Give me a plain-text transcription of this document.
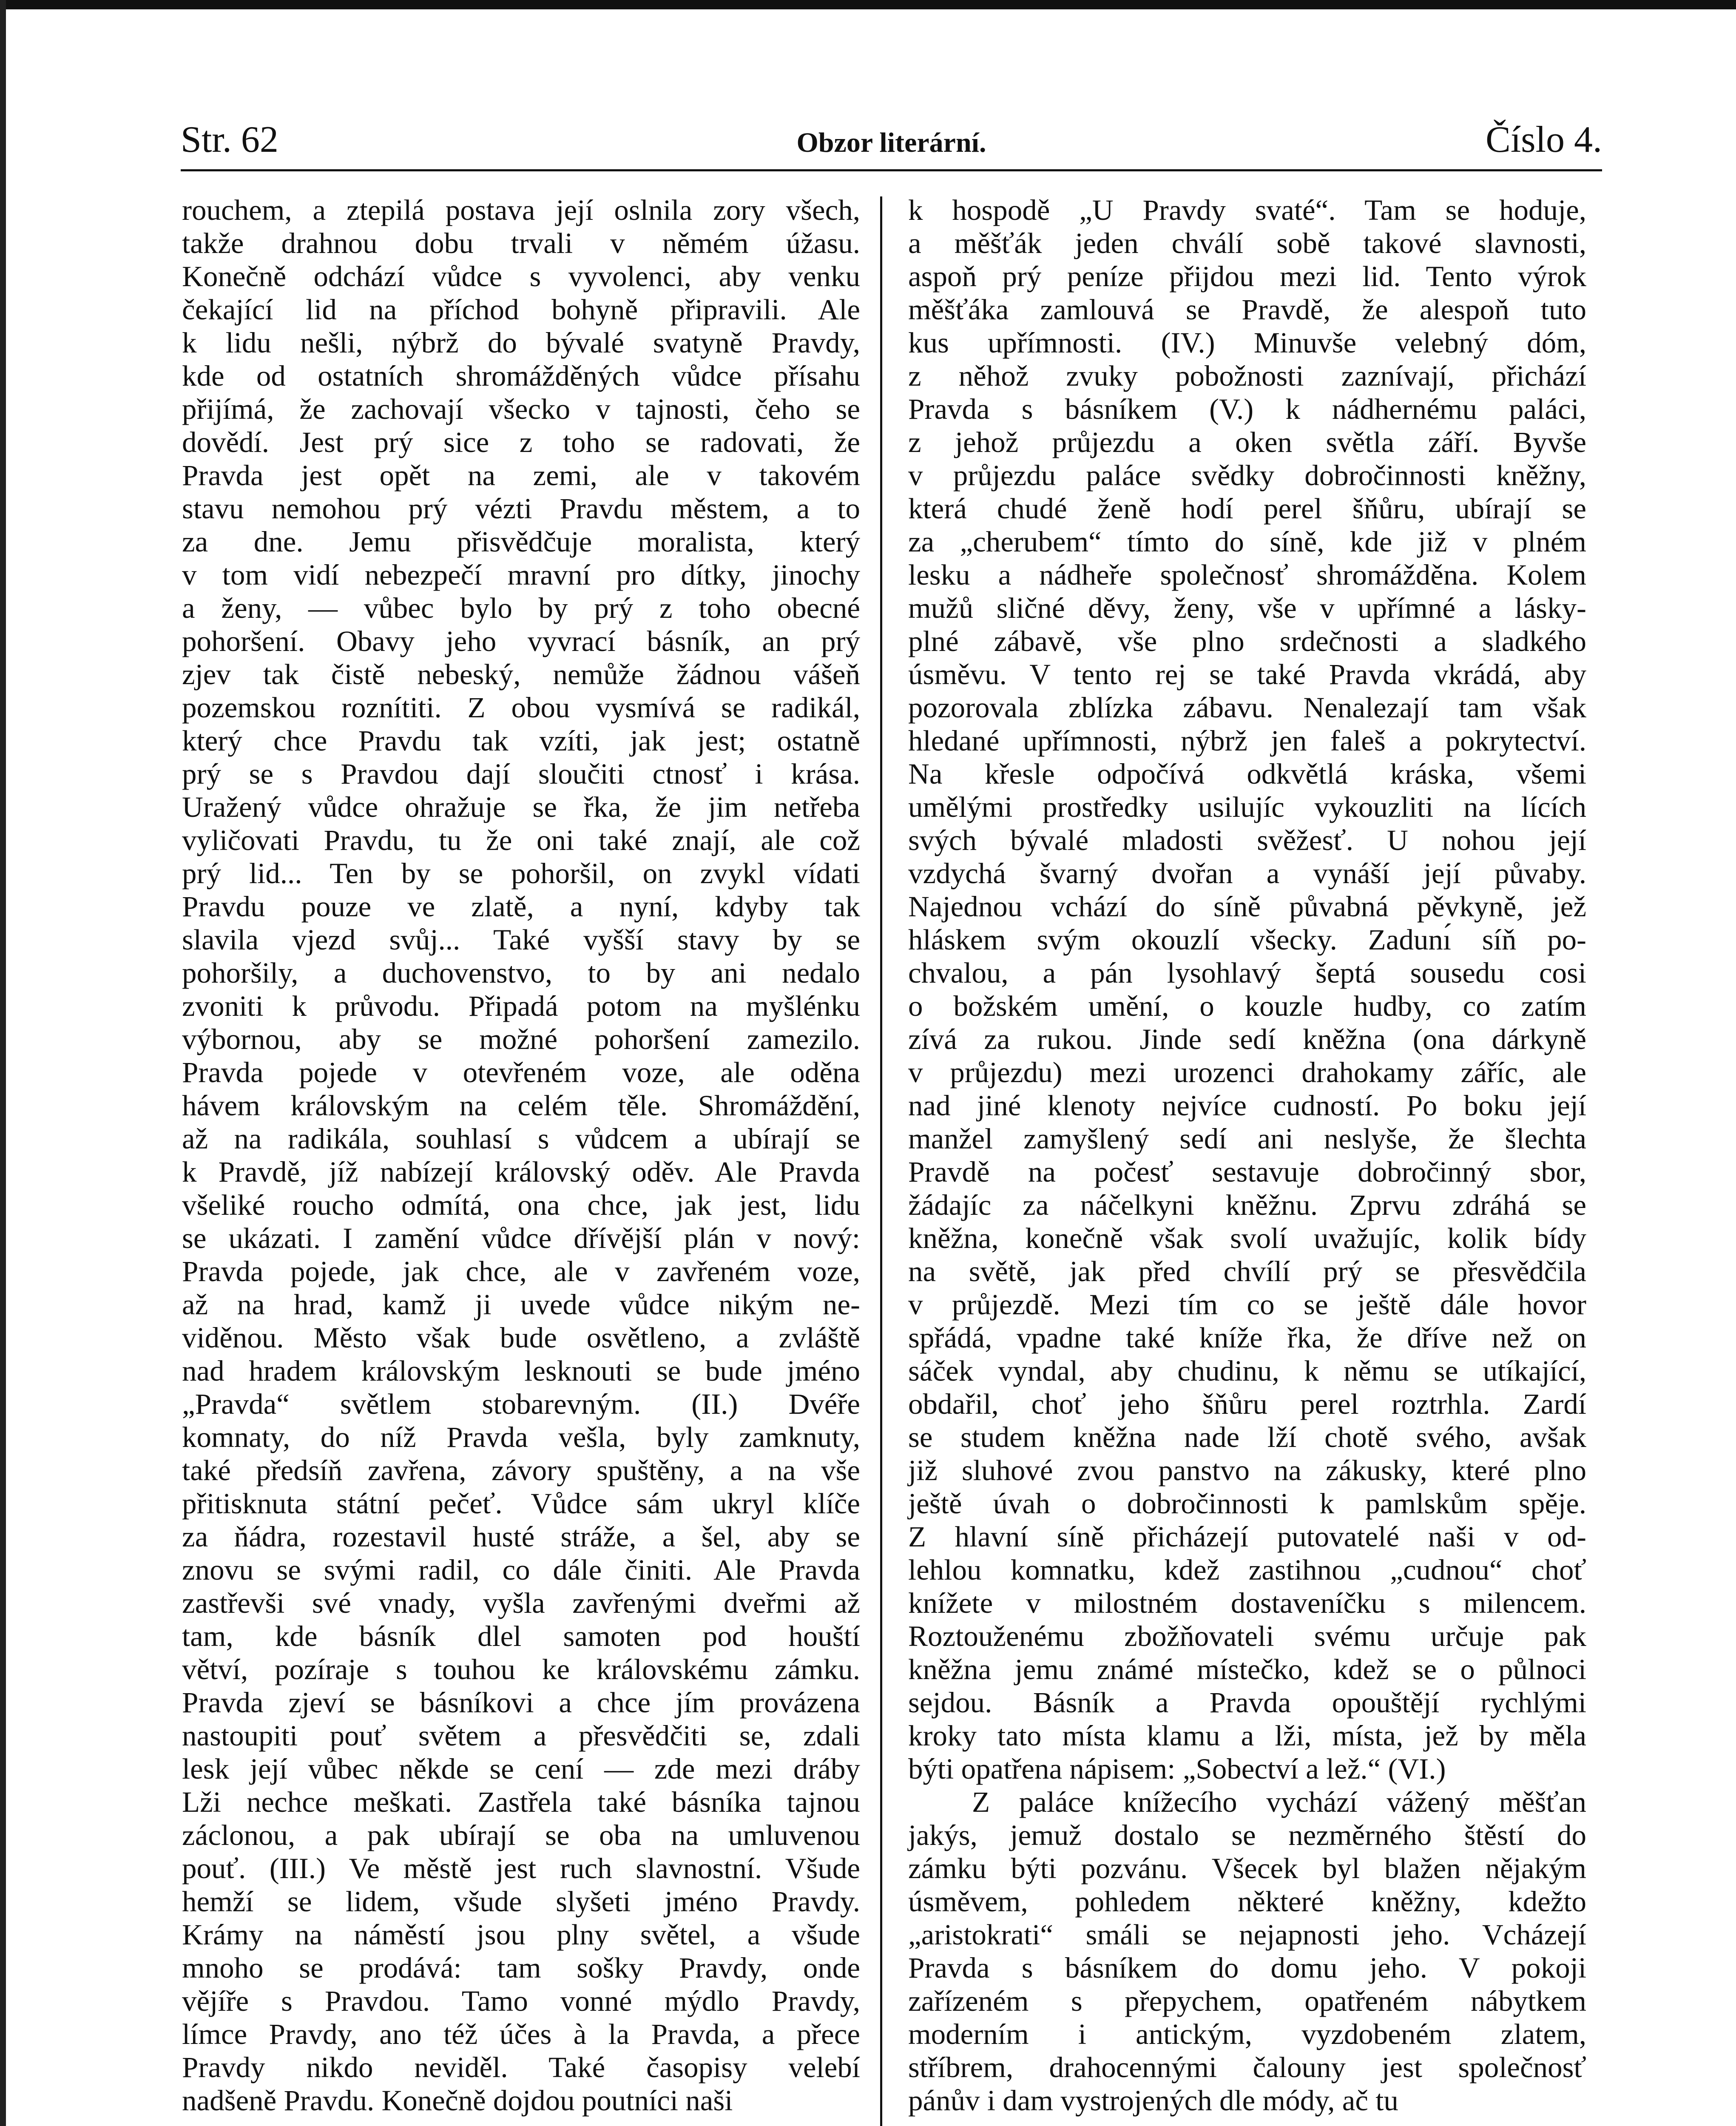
Str. 62	Obzor literární.	Číslo 4.
rouchem, a ztepilá postava její oslnila zory všech,
takže drahnou dobu trvali v němém úžasu.
Konečně odchází vůdce s vyvolenci, aby venku
čekající lid na příchod bohyně připravili. Ale
k lidu nešli, nýbrž do bývalé svatyně Pravdy,
kde od ostatních shromážděných vůdce přísahu
přijímá, že zachovají všecko v tajnosti, čeho se
dovědí. Jest prý sice z toho se radovati, že
Pravda jest opět na zemi, ale v takovém
stavu nemohou prý vézti Pravdu městem, a to
za dne. Jemu přisvědčuje moralista, který
v tom vidí nebezpečí mravní pro dítky, jinochy
a ženy, — vůbec bylo by prý z toho obecné
pohoršení. Obavy jeho vyvrací básník, an prý
zjev tak čistě nebeský, nemůže žádnou vášeň
pozemskou roznítiti. Z obou vysmívá se radikál,
který chce Pravdu tak vzíti, jak jest; ostatně
prý se s Pravdou dají sloučiti ctnosť i krása.
Uražený vůdce ohražuje se řka, že jim netřeba
vyličovati Pravdu, tu že oni také znají, ale což
prý lid... Ten by se pohoršil, on zvykl vídati
Pravdu pouze ve zlatě, a nyní, kdyby tak
slavila vjezd svůj... Také vyšší stavy by se
pohoršily, a duchovenstvo, to by ani nedalo
zvoniti k průvodu. Připadá potom na myšlénku
výbornou, aby se možné pohoršení zamezilo.
Pravda pojede v otevřeném voze, ale oděna
hávem královským na celém těle. Shromáždění,
až na radikála, souhlasí s vůdcem a ubírají se
k Pravdě, jíž nabízejí královský oděv. Ale Pravda
všeliké roucho odmítá, ona chce, jak jest, lidu
se ukázati. I zamění vůdce dřívější plán v nový:
Pravda pojede, jak chce, ale v zavřeném voze,
až na hrad, kamž ji uvede vůdce nikým ne-
viděnou. Město však bude osvětleno, a zvláště
nad hradem královským lesknouti se bude jméno
„Pravda“ světlem stobarevným. (II.) Dvéře
komnaty, do níž Pravda vešla, byly zamknuty,
také předsíň zavřena, závory spuštěny, a na vše
přitisknuta státní pečeť. Vůdce sám ukryl klíče
za ňádra, rozestavil husté stráže, a šel, aby se
znovu se svými radil, co dále činiti. Ale Pravda
zastřevši své vnady, vyšla zavřenými dveřmi až
tam, kde básník dlel samoten pod houští
větví, pozíraje s touhou ke královskému zámku.
Pravda zjeví se básníkovi a chce jím provázena
nastoupiti pouť světem a přesvědčiti se, zdali
lesk její vůbec někde se cení — zde mezi dráby
Lži nechce meškati. Zastřela také básníka tajnou
záclonou, a pak ubírají se oba na umluvenou
pouť. (III.) Ve městě jest ruch slavnostní. Všude
hemží se lidem, všude slyšeti jméno Pravdy.
Krámy na náměstí jsou plny světel, a všude
mnoho se prodává: tam sošky Pravdy, onde
vějíře s Pravdou. Tamo vonné mýdlo Pravdy,
límce Pravdy, ano též účes à la Pravda, a přece
Pravdy nikdo neviděl. Také časopisy velebí
nadšeně Pravdu. Konečně dojdou poutníci naši
k hospodě „U Pravdy svaté“. Tam se hoduje,
a měšťák jeden chválí sobě takové slavnosti,
aspoň prý peníze přijdou mezi lid. Tento výrok
měšťáka zamlouvá se Pravdě, že alespoň tuto
kus upřímnosti. (IV.) Minuvše velebný dóm,
z něhož zvuky pobožnosti zaznívají, přichází
Pravda s básníkem (V.) k nádhernému paláci,
z jehož průjezdu a oken světla září. Byvše
v průjezdu paláce svědky dobročinnosti kněžny,
která chudé ženě hodí perel šňůru, ubírají se
za „cherubem“ tímto do síně, kde již v plném
lesku a nádheře společnosť shromážděna. Kolem
mužů sličné děvy, ženy, vše v upřímné a lásky-
plné zábavě, vše plno srdečnosti a sladkého
úsměvu. V tento rej se také Pravda vkrádá, aby
pozorovala zblízka zábavu. Nenalezají tam však
hledané upřímnosti, nýbrž jen faleš a pokrytectví.
Na křesle odpočívá odkvětlá kráska, všemi
umělými prostředky usilujíc vykouzliti na lících
svých bývalé mladosti svěžesť. U nohou její
vzdychá švarný dvořan a vynáší její půvaby.
Najednou vchází do síně půvabná pěvkyně, jež
hláskem svým okouzlí všecky. Zadunı́ síň po-
chvalou, a pán lysohlavý šeptá sousedu cosi
o božském umění, o kouzle hudby, co zatím
zívá za rukou. Jinde sedí kněžna (ona dárkyně
v průjezdu) mezi urozenci drahokamy záříc, ale
nad jiné klenoty nejvíce cudností. Po boku její
manžel zamyšlený sedí ani neslyše, že šlechta
Pravdě na počesť sestavuje dobročinný sbor,
žádajíc za náčelkyni kněžnu. Zprvu zdráhá se
kněžna, konečně však svolí uvažujíc, kolik bídy
na světě, jak před chvílí prý se přesvědčila
v průjezdě. Mezi tím co se ještě dále hovor
spřádá, vpadne také kníže řka, že dříve než on
sáček vyndal, aby chudinu, k němu se utíkající,
obdařil, choť jeho šňůru perel roztrhla. Zardí
se studem kněžna nade lží chotě svého, avšak
již sluhové zvou panstvo na zákusky, které plno
ještě úvah o dobročinnosti k pamlskům spěje.
Z hlavní síně přicházejí putovatelé naši v od-
lehlou komnatku, kdež zastihnou „cudnou“ choť
knížete v milostném dostaveníčku s milencem.
Roztouženému zbožňovateli svému určuje pak
kněžna jemu známé místečko, kdež se o půlnoci
sejdou. Básník a Pravda opouštějí rychlými
kroky tato místa klamu a lži, místa, jež by měla
býti opatřena nápisem: „Sobectví a lež.“ (VI.)
Z paláce knížecího vychází vážený měšťan
jakýs, jemuž dostalo se nezměrného štěstí do
zámku býti pozvánu. Všecek byl blažen nějakým
úsměvem, pohledem některé kněžny, kdežto
„aristokrati“ smáli se nejapnosti jeho. Vcházejí
Pravda s básníkem do domu jeho. V pokoji
zařízeném s přepychem, opatřeném nábytkem
moderním i antickým, vyzdobeném zlatem,
stříbrem, drahocennými čalouny jest společnosť
pánův i dam vystrojených dle módy, ač tu
